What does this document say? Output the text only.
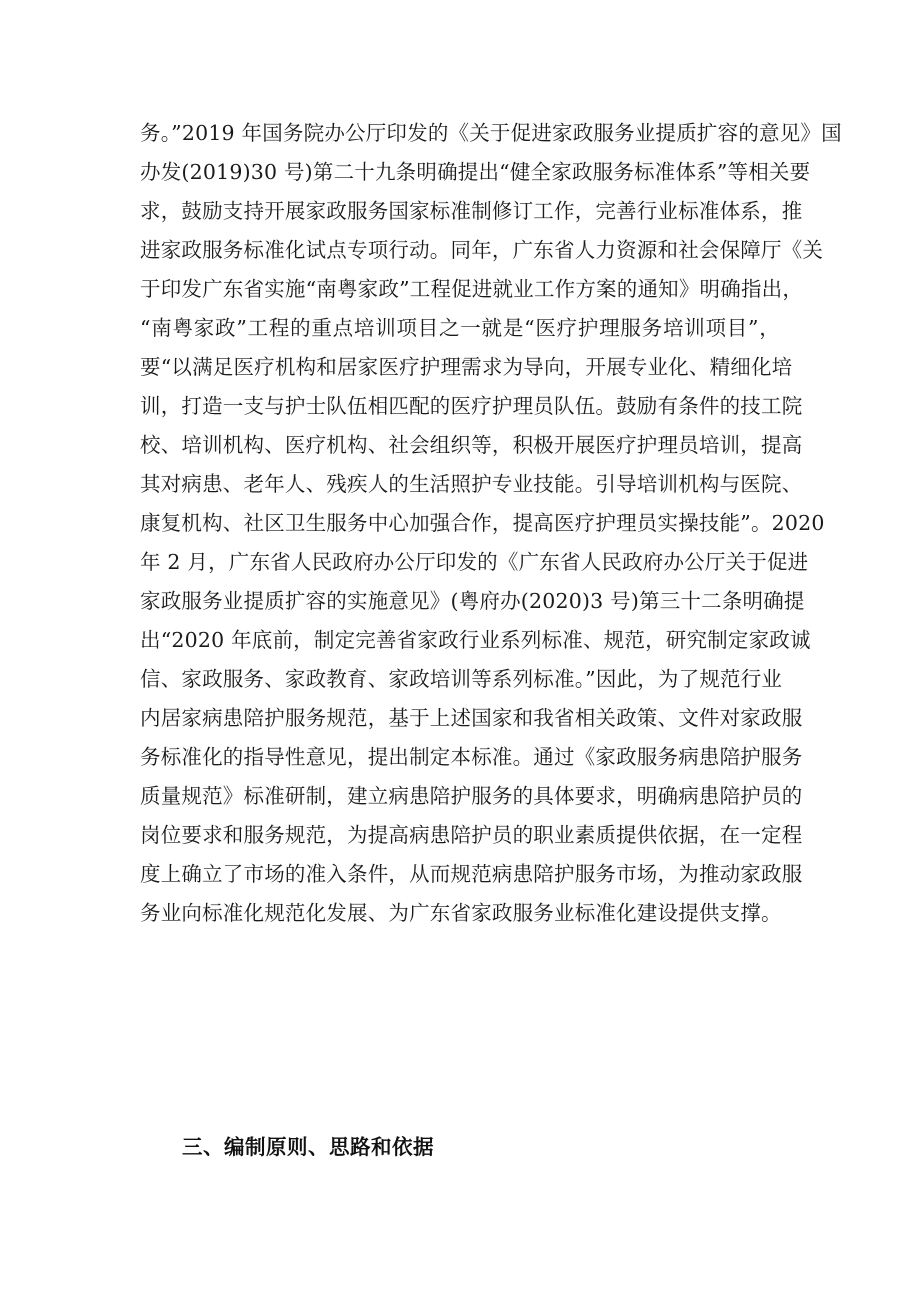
务。”2019 年国务院办公厅印发的《关于促进家政服务业提质扩容的意见》国
办发(2019)30 号)第二十九条明确提出“健全家政服务标准体系”等相关要
求，鼓励支持开展家政服务国家标准制修订工作，完善行业标准体系，推
进家政服务标准化试点专项行动。同年，广东省人力资源和社会保障厅《关
于印发广东省实施“南粤家政”工程促进就业工作方案的通知》明确指出，
“南粤家政”工程的重点培训项目之一就是“医疗护理服务培训项目”，
要“以满足医疗机构和居家医疗护理需求为导向，开展专业化、精细化培
训，打造一支与护士队伍相匹配的医疗护理员队伍。鼓励有条件的技工院
校、培训机构、医疗机构、社会组织等，积极开展医疗护理员培训，提高
其对病患、老年人、残疾人的生活照护专业技能。引导培训机构与医院、
康复机构、社区卫生服务中心加强合作，提高医疗护理员实操技能”。2020
年 2 月，广东省人民政府办公厅印发的《广东省人民政府办公厅关于促进
家政服务业提质扩容的实施意见》(粤府办(2020)3 号)第三十二条明确提
出“2020 年底前，制定完善省家政行业系列标准、规范，研究制定家政诚
信、家政服务、家政教育、家政培训等系列标准。”因此，为了规范行业
内居家病患陪护服务规范，基于上述国家和我省相关政策、文件对家政服
务标准化的指导性意见，提出制定本标准。通过《家政服务病患陪护服务
质量规范》标准研制，建立病患陪护服务的具体要求，明确病患陪护员的
岗位要求和服务规范，为提高病患陪护员的职业素质提供依据，在一定程
度上确立了市场的准入条件，从而规范病患陪护服务市场，为推动家政服
务业向标准化规范化发展、为广东省家政服务业标准化建设提供支撑。
三、编制原则、思路和依据
